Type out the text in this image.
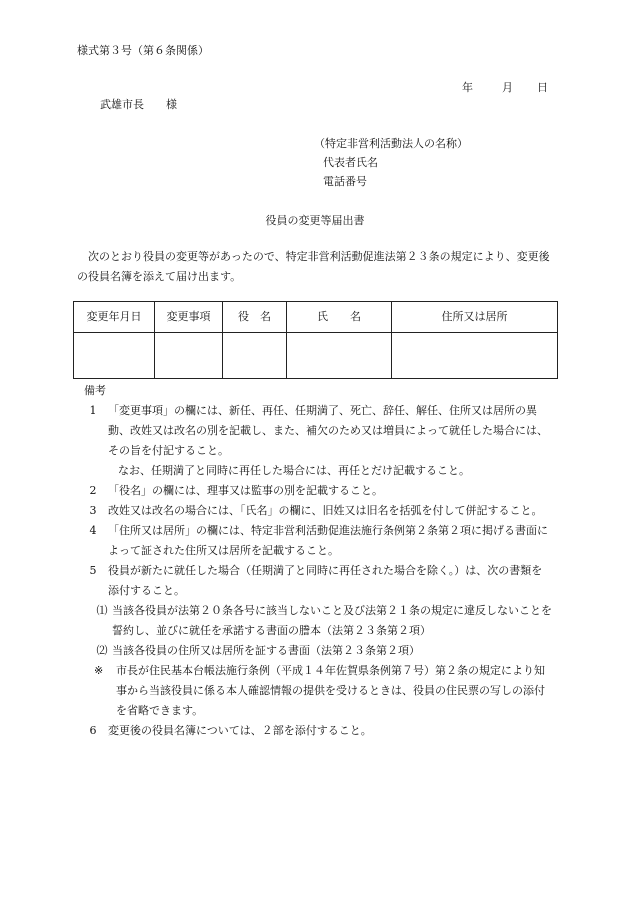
様式第３号（第６条関係）
年	月 日
武雄市長　　様
（特定非営利活動法人の名称）
代表者氏名
電話番号
役員の変更等届出書
次のとおり役員の変更等があったので、特定非営利活動促進法第２３条の規定により、変更後の役員名簿を添えて届け出ます。
変更年月日	変更事項	役　名	氏　　名	住所又は居所

備考
1	「変更事項」の欄には、新任、再任、任期満了、死亡、辞任、解任、住所又は居所の異動、改姓又は改名の別を記載し、また、補欠のため又は増員によって就任した場合には、その旨を付記すること。
なお、任期満了と同時に再任した場合には、再任とだけ記載すること。
2	「役名」の欄には、理事又は監事の別を記載すること。
3	改姓又は改名の場合には、「氏名」の欄に、旧姓又は旧名を括弧を付して併記すること。
4	「住所又は居所」の欄には、特定非営利活動促進法施行条例第２条第２項に掲げる書面によって証された住所又は居所を記載すること。
5	役員が新たに就任した場合（任期満了と同時に再任された場合を除く。）は、次の書類を添付すること。
⑴ 当該各役員が法第２０条各号に該当しないこと及び法第２１条の規定に違反しないことを誓約し、並びに就任を承諾する書面の謄本（法第２３条第２項）
⑵ 当該各役員の住所又は居所を証する書面（法第２３条第２項）
※	市長が住民基本台帳法施行条例（平成１４年佐賀県条例第７号）第２条の規定により知事から当該役員に係る本人確認情報の提供を受けるときは、役員の住民票の写しの添付を省略できます。
6	変更後の役員名簿については、２部を添付すること。
